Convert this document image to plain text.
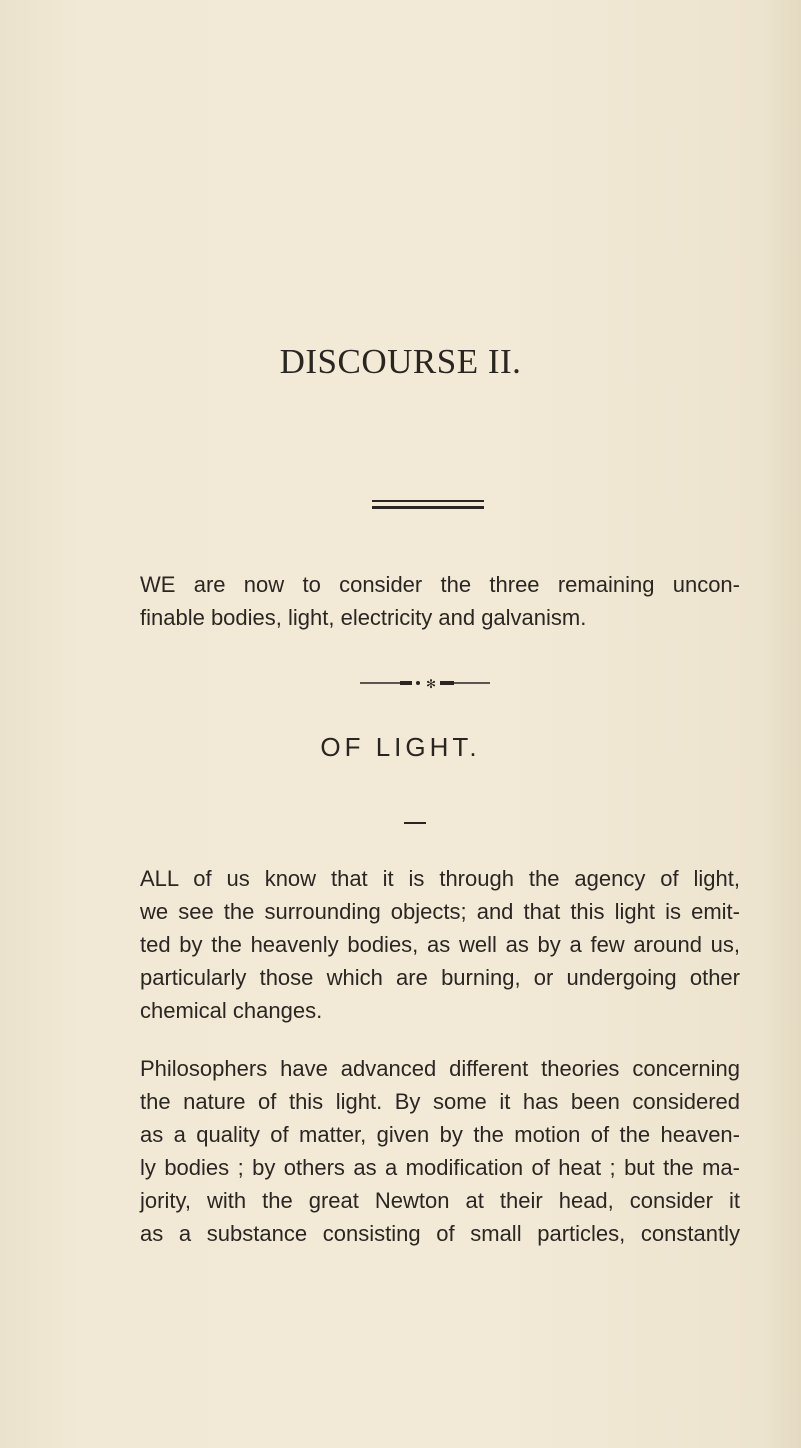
DISCOURSE II.

WE are now to consider the three remaining uncon-
finable bodies, light, electricity and galvanism.

✻
OF LIGHT.

ALL of us know that it is through the agency of light,
we see the surrounding objects; and that this light is emit-
ted by the heavenly bodies, as well as by a few around us,
particularly those which are burning, or undergoing other
chemical changes.

Philosophers have advanced different theories concerning
the nature of this light. By some it has been considered
as a quality of matter, given by the motion of the heaven-
ly bodies ; by others as a modification of heat ; but the ma-
jority, with the great Newton at their head, consider it
as a substance consisting of small particles, constantly
